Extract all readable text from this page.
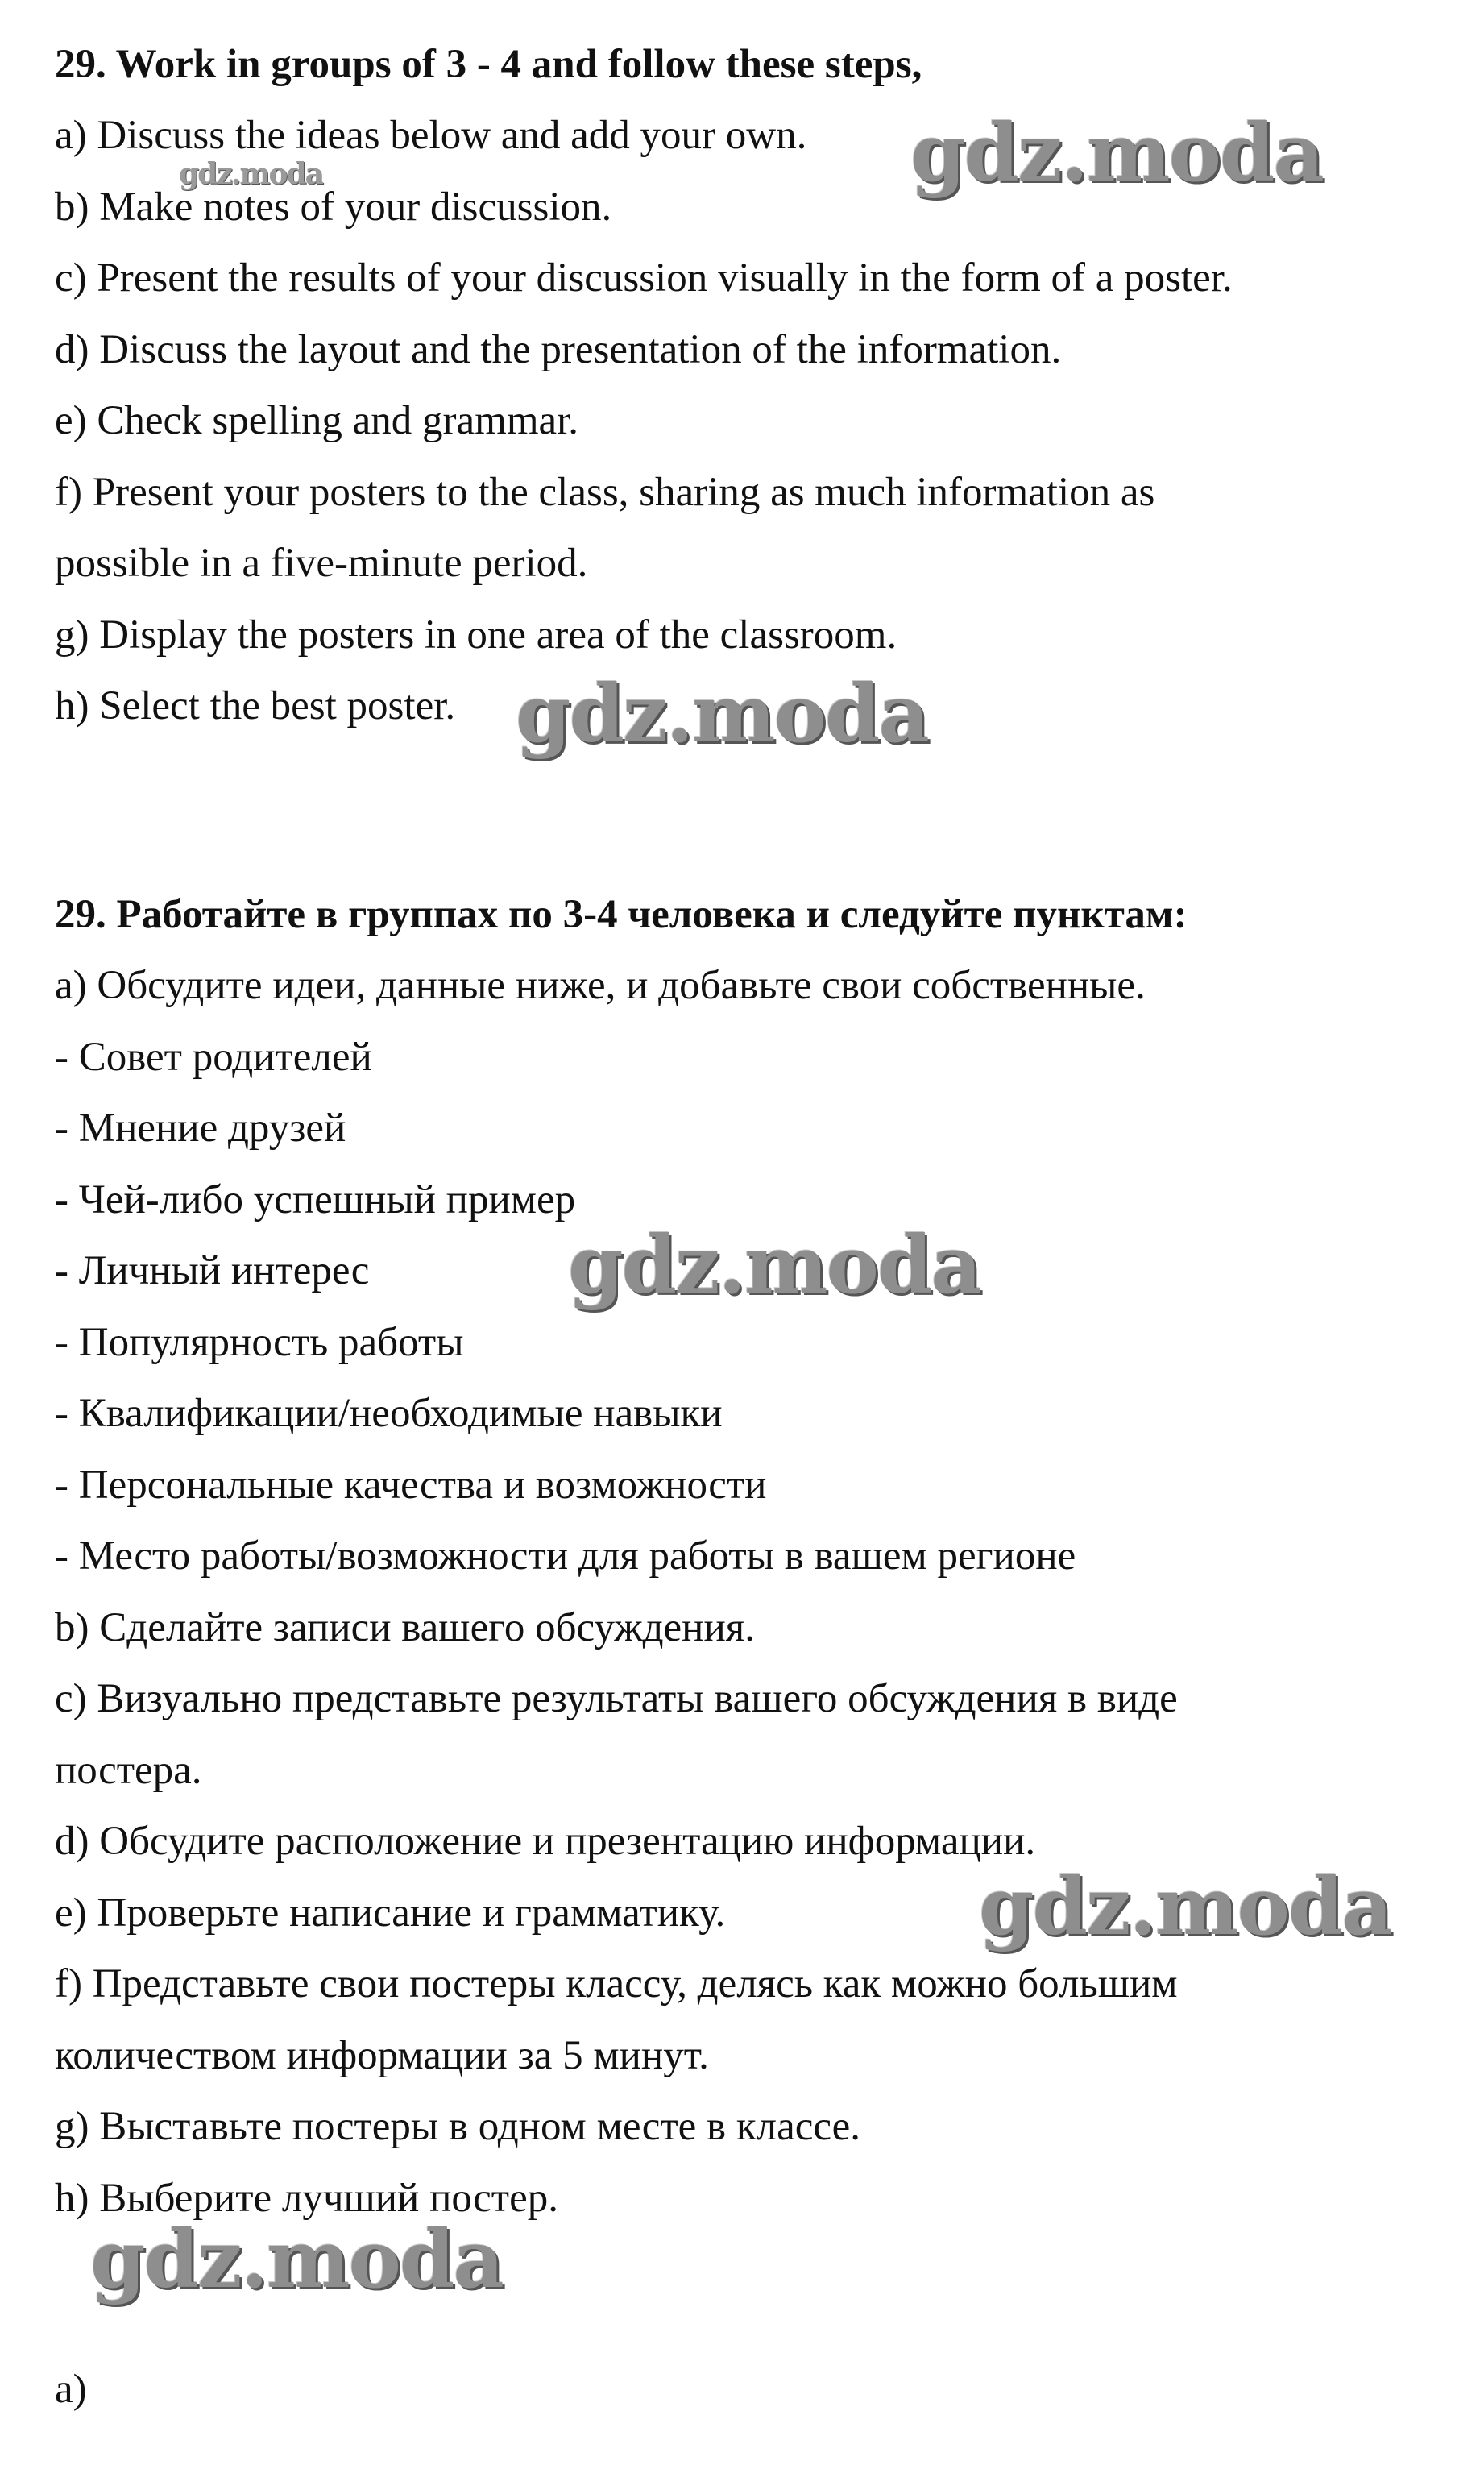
29. Work in groups of 3 - 4 and follow these steps,
a) Discuss the ideas below and add your own.
b) Make notes of your discussion.
c) Present the results of your discussion visually in the form of a poster.
d) Discuss the layout and the presentation of the information.
e) Check spelling and grammar.
f) Present your posters to the class, sharing as much information as
possible in a five-minute period.
g) Display the posters in one area of the classroom.
h) Select the best poster.
29. Работайте в группах по 3-4 человека и следуйте пунктам:
a) Обсудите идеи, данные ниже, и добавьте свои собственные.
- Совет родителей
- Мнение друзей
- Чей-либо успешный пример
- Личный интерес
- Популярность работы
- Квалификации/необходимые навыки
- Персональные качества и возможности
- Место работы/возможности для работы в вашем регионе
b) Сделайте записи вашего обсуждения.
c) Визуально представьте результаты вашего обсуждения в виде
постера.
d) Обсудите расположение и презентацию информации.
e) Проверьте написание и грамматику.
f) Представьте свои постеры классу, делясь как можно большим
количеством информации за 5 минут.
g) Выставьте постеры в одном месте в классе.
h) Выберите лучший постер.
a)
gdz.moda
gdz.moda
gdz.moda
gdz.moda
gdz.moda
gdz.moda
